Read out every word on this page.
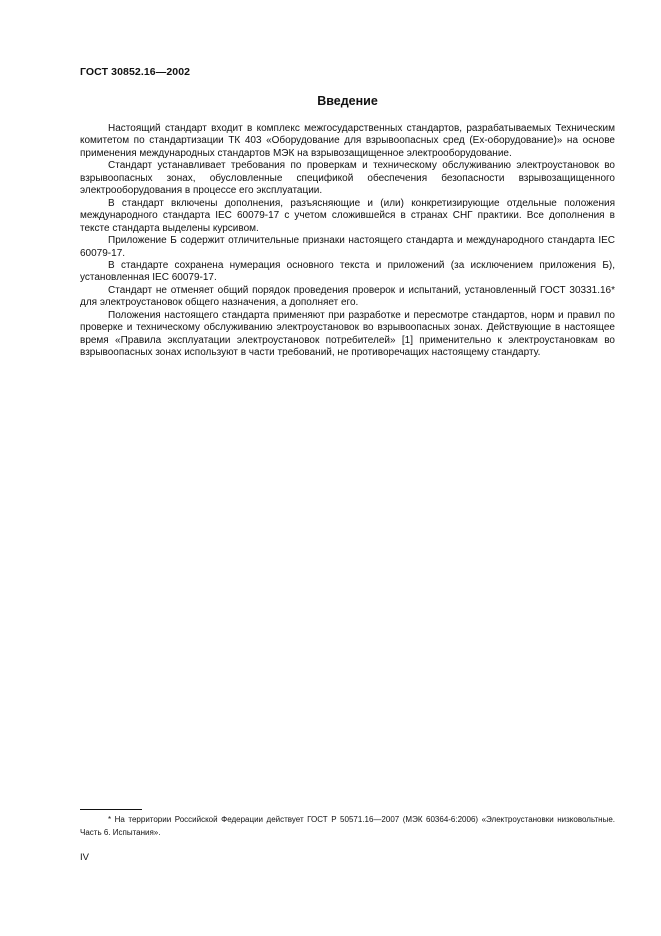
ГОСТ 30852.16—2002
Введение

Настоящий стандарт входит в комплекс межгосударственных стандартов, разрабатываемых Техническим комитетом по стандартизации ТК 403 «Оборудование для взрывоопасных сред (Ex-оборудование)» на основе применения международных стандартов МЭК на взрывозащищенное электрооборудование.

Стандарт устанавливает требования по проверкам и техническому обслуживанию электроустановок во взрывоопасных зонах, обусловленные спецификой обеспечения безопасности взрывозащищенного электрооборудования в процессе его эксплуатации.

В стандарт включены дополнения, разъясняющие и (или) конкретизирующие отдельные положения международного стандарта IEC 60079-17 с учетом сложившейся в странах СНГ практики. Все дополнения в тексте стандарта выделены курсивом.

Приложение Б содержит отличительные признаки настоящего стандарта и международного стандарта IEC 60079-17.

В стандарте сохранена нумерация основного текста и приложений (за исключением приложения Б), установленная IEC 60079-17.

Стандарт не отменяет общий порядок проведения проверок и испытаний, установленный ГОСТ 30331.16* для электроустановок общего назначения, а дополняет его.

Положения настоящего стандарта применяют при разработке и пересмотре стандартов, норм и правил по проверке и техническому обслуживанию электроустановок во взрывоопасных зонах. Действующие в настоящее время «Правила эксплуатации электроустановок потребителей» [1] применительно к электроустановкам во взрывоопасных зонах используют в части требований, не противоречащих настоящему стандарту.

* На территории Российской Федерации действует ГОСТ Р 50571.16—2007 (МЭК 60364-6:2006) «Электроустановки низковольтные. Часть 6. Испытания».

IV
